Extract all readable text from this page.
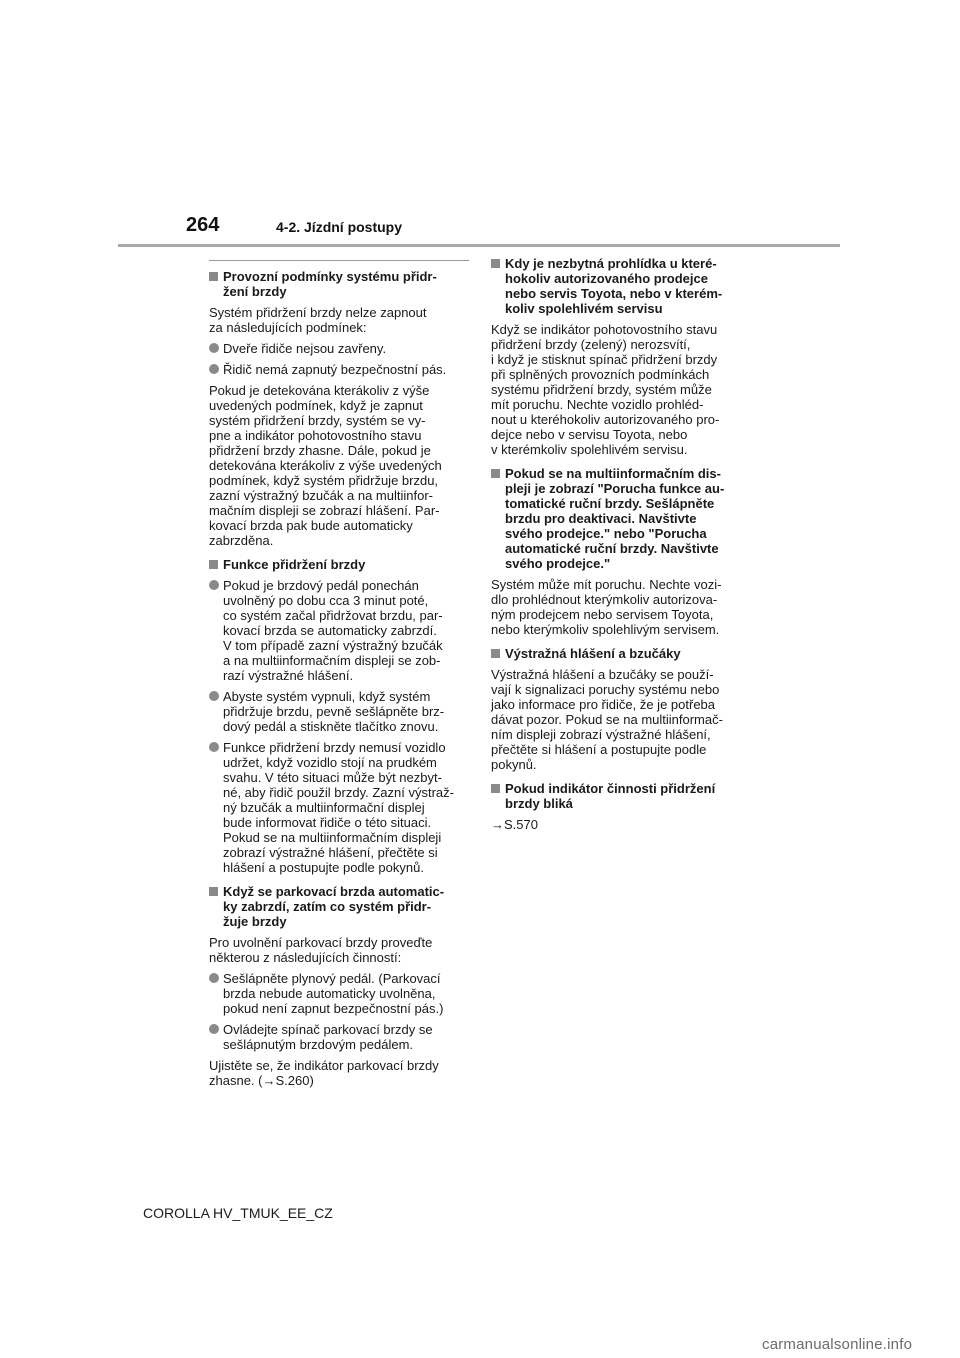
264	4-2. Jízdní postupy
Provozní podmínky systému přidr-
žení brzdy
Systém přidržení brzdy nelze zapnout
za následujících podmínek:
Dveře řidiče nejsou zavřeny.
Řidič nemá zapnutý bezpečnostní pás.
Pokud je detekována kterákoliv z výše
uvedených podmínek, když je zapnut
systém přidržení brzdy, systém se vy-
pne a indikátor pohotovostního stavu
přidržení brzdy zhasne. Dále, pokud je
detekována kterákoliv z výše uvedených
podmínek, když systém přidržuje brzdu,
zazní výstražný bzučák a na multiinfor-
mačním displeji se zobrazí hlášení. Par-
kovací brzda pak bude automaticky
zabrzděna.
Funkce přidržení brzdy
Pokud je brzdový pedál ponechán
uvolněný po dobu cca 3 minut poté,
co systém začal přidržovat brzdu, par-
kovací brzda se automaticky zabrzdí.
V tom případě zazní výstražný bzučák
a na multiinformačním displeji se zob-
razí výstražné hlášení.
Abyste systém vypnuli, když systém
přidržuje brzdu, pevně sešlápněte brz-
dový pedál a stiskněte tlačítko znovu.
Funkce přidržení brzdy nemusí vozidlo
udržet, když vozidlo stojí na prudkém
svahu. V této situaci může být nezbyt-
né, aby řidič použil brzdy. Zazní výstraž-
ný bzučák a multiinformační displej
bude informovat řidiče o této situaci.
Pokud se na multiinformačním displeji
zobrazí výstražné hlášení, přečtěte si
hlášení a postupujte podle pokynů.
Když se parkovací brzda automatic-
ky zabrzdí, zatím co systém přidr-
žuje brzdy
Pro uvolnění parkovací brzdy proveďte
některou z následujících činností:
Sešlápněte plynový pedál. (Parkovací
brzda nebude automaticky uvolněna,
pokud není zapnut bezpečnostní pás.)
Ovládejte spínač parkovací brzdy se
sešlápnutým brzdovým pedálem.
Ujistěte se, že indikátor parkovací brzdy
zhasne. (→S.260)
Kdy je nezbytná prohlídka u které-
hokoliv autorizovaného prodejce
nebo servis Toyota, nebo v kterém-
koliv spolehlivém servisu
Když se indikátor pohotovostního stavu
přidržení brzdy (zelený) nerozsvítí,
i když je stisknut spínač přidržení brzdy
při splněných provozních podmínkách
systému přidržení brzdy, systém může
mít poruchu. Nechte vozidlo prohléd-
nout u kteréhokoliv autorizovaného pro-
dejce nebo v servisu Toyota, nebo
v kterémkoliv spolehlivém servisu.
Pokud se na multiinformačním dis-
pleji je zobrazí "Porucha funkce au-
tomatické ruční brzdy. Sešlápněte
brzdu pro deaktivaci. Navštivte
svého prodejce." nebo "Porucha
automatické ruční brzdy. Navštivte
svého prodejce."
Systém může mít poruchu. Nechte vozi-
dlo prohlédnout kterýmkoliv autorizova-
ným prodejcem nebo servisem Toyota,
nebo kterýmkoliv spolehlivým servisem.
Výstražná hlášení a bzučáky
Výstražná hlášení a bzučáky se použí-
vají k signalizaci poruchy systému nebo
jako informace pro řidiče, že je potřeba
dávat pozor. Pokud se na multiinformač-
ním displeji zobrazí výstražné hlášení,
přečtěte si hlášení a postupujte podle
pokynů.
Pokud indikátor činnosti přidržení
brzdy bliká
→S.570
COROLLA HV_TMUK_EE_CZ
carmanualsonline.info
